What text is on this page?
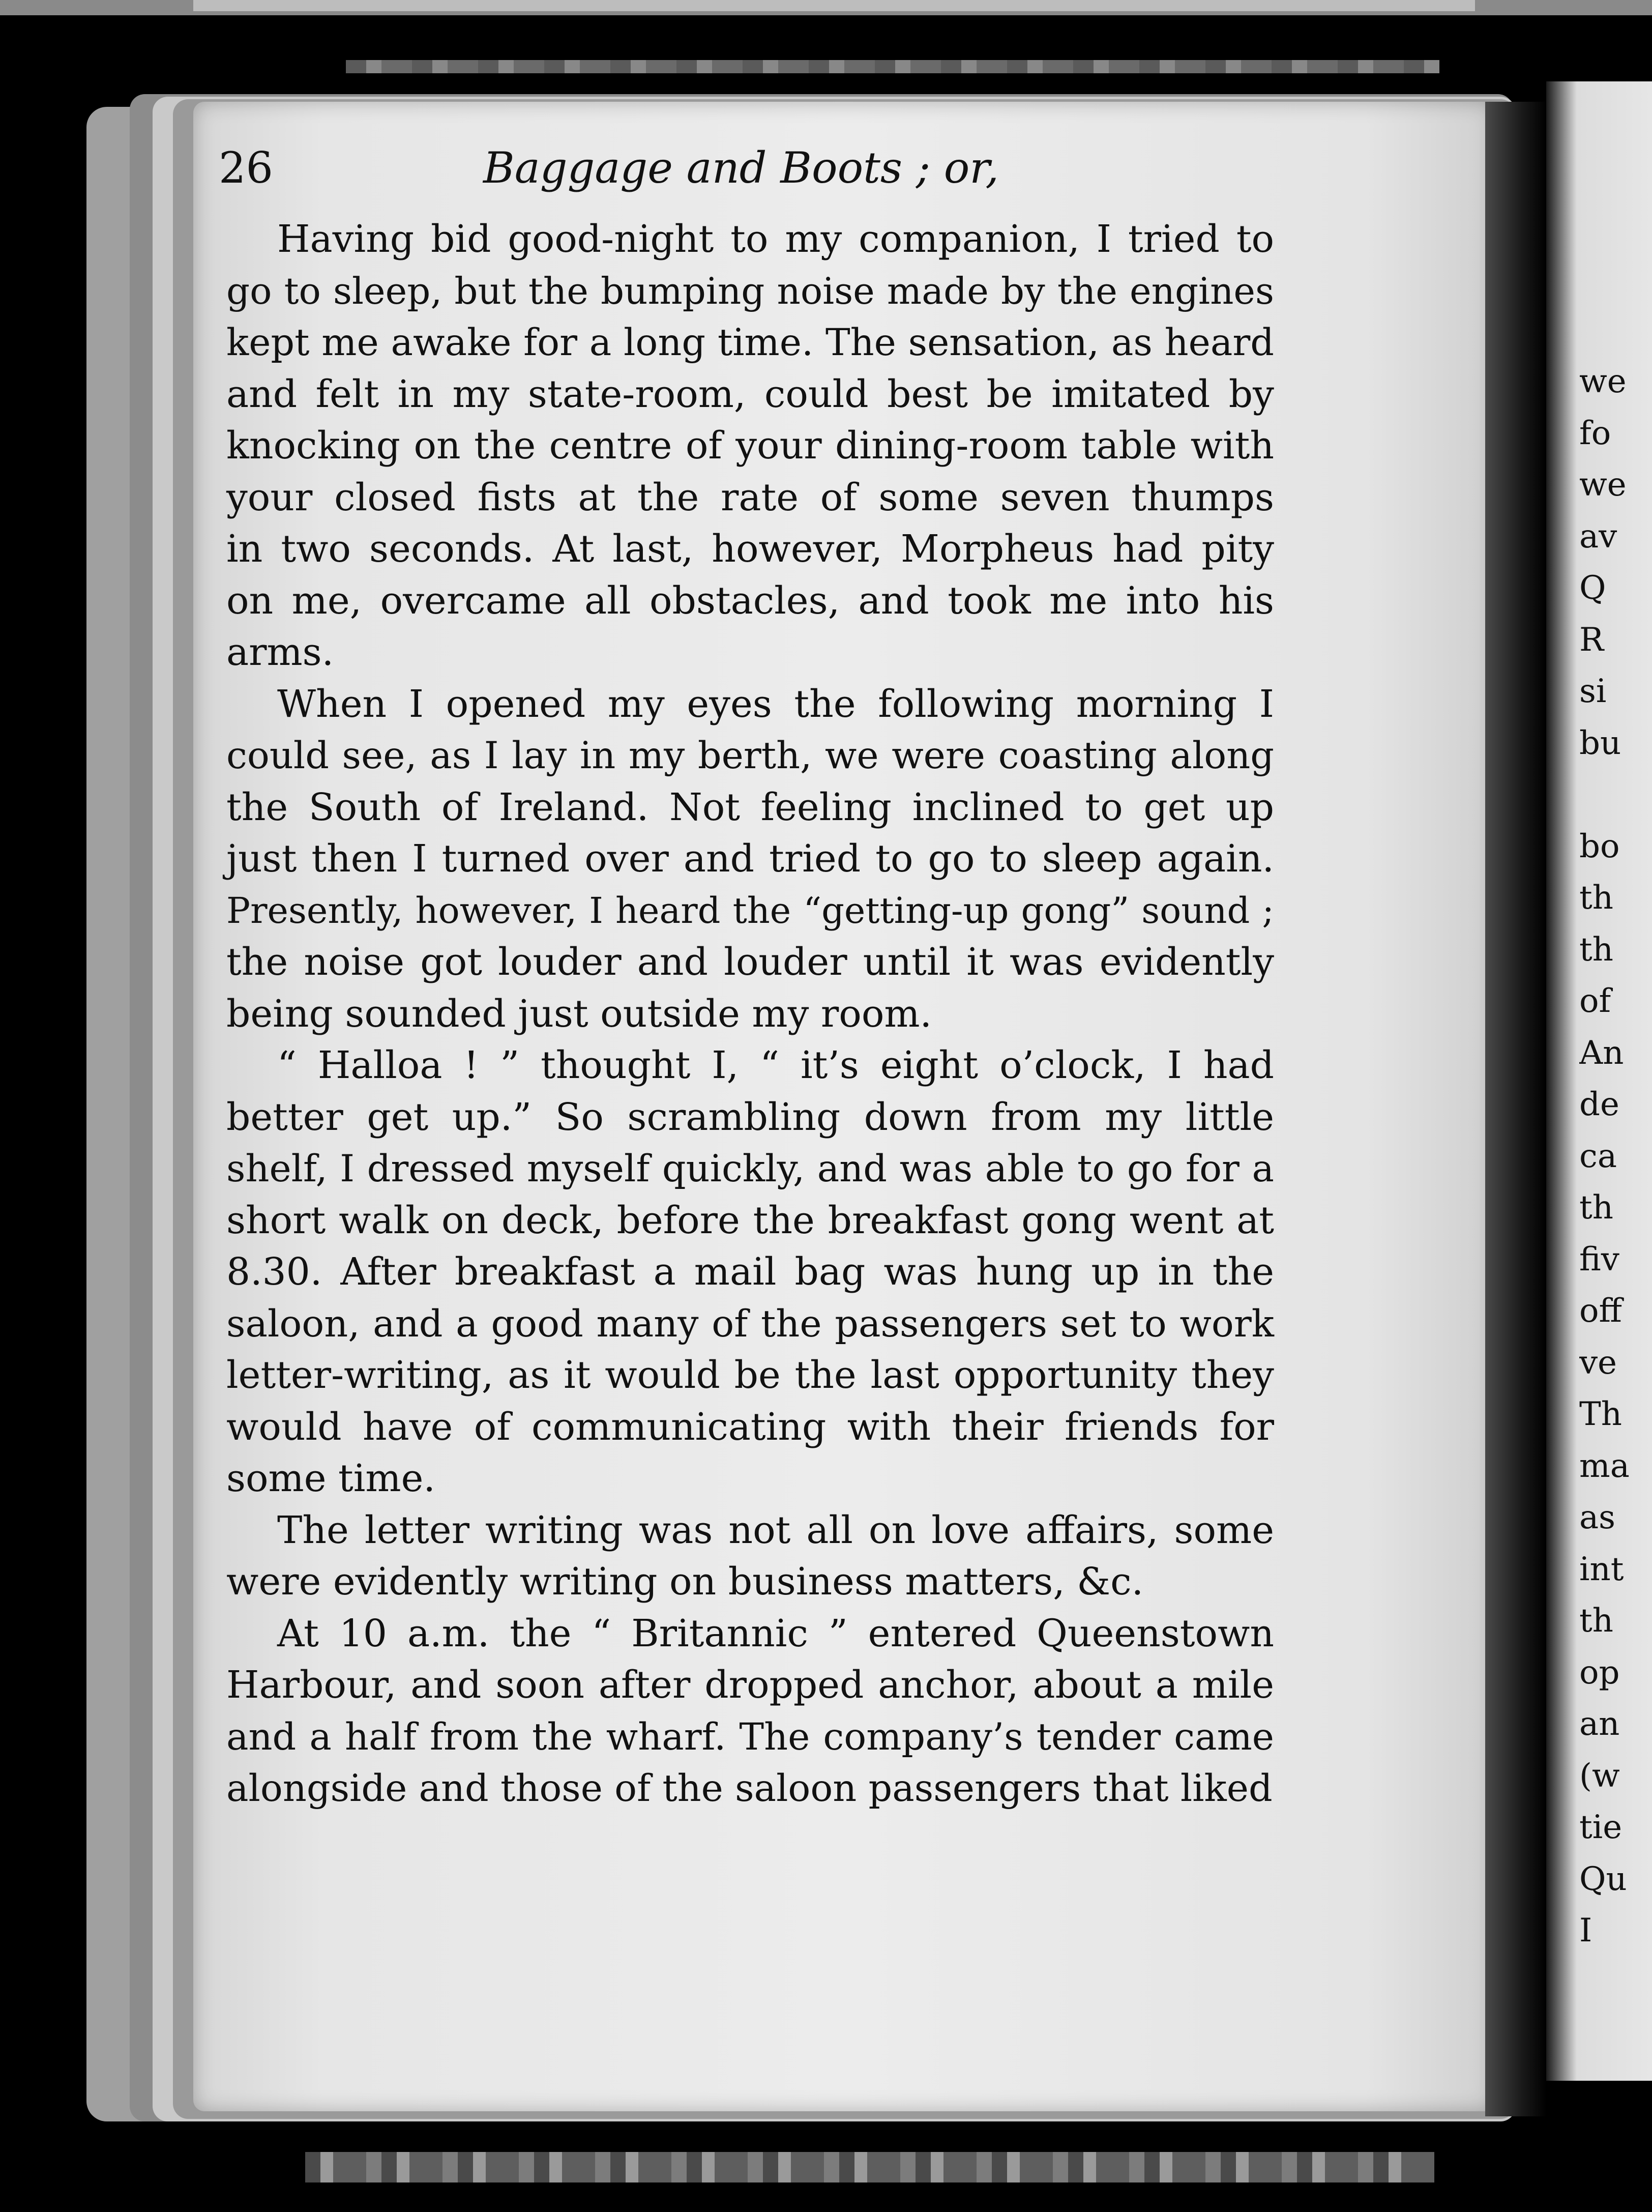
26	Baggage and Boots ; or,
Having bid good-night to my companion, I tried to
go to sleep, but the bumping noise made by the engines
kept me awake for a long time. The sensation, as heard
and felt in my state-room, could best be imitated by
knocking on the centre of your dining-room table with
your closed fists at the rate of some seven thumps
in two seconds. At last, however, Morpheus had pity
on me, overcame all obstacles, and took me into his
arms.
When I opened my eyes the following morning I
could see, as I lay in my berth, we were coasting along
the South of Ireland. Not feeling inclined to get up
just then I turned over and tried to go to sleep again.
Presently, however, I heard the “getting-up gong” sound ;
the noise got louder and louder until it was evidently
being sounded just outside my room.
“ Halloa ! ” thought I, “ it’s eight o’clock, I had
better get up.” So scrambling down from my little
shelf, I dressed myself quickly, and was able to go for a
short walk on deck, before the breakfast gong went at
8.30. After breakfast a mail bag was hung up in the
saloon, and a good many of the passengers set to work
letter-writing, as it would be the last opportunity they
would have of communicating with their friends for
some time.
The letter writing was not all on love affairs, some
were evidently writing on business matters, &c.
At 10 a.m. the “ Britannic ” entered Queenstown
Harbour, and soon after dropped anchor, about a mile
and a half from the wharf. The company’s tender came
alongside and those of the saloon passengers that liked
we
fo
we
av
Q
R
si
bu
bo
th
th
of
An
de
ca
th
fiv
off
ve
Th
ma
as
int
th
op
an
(w
tie
Qu
I
